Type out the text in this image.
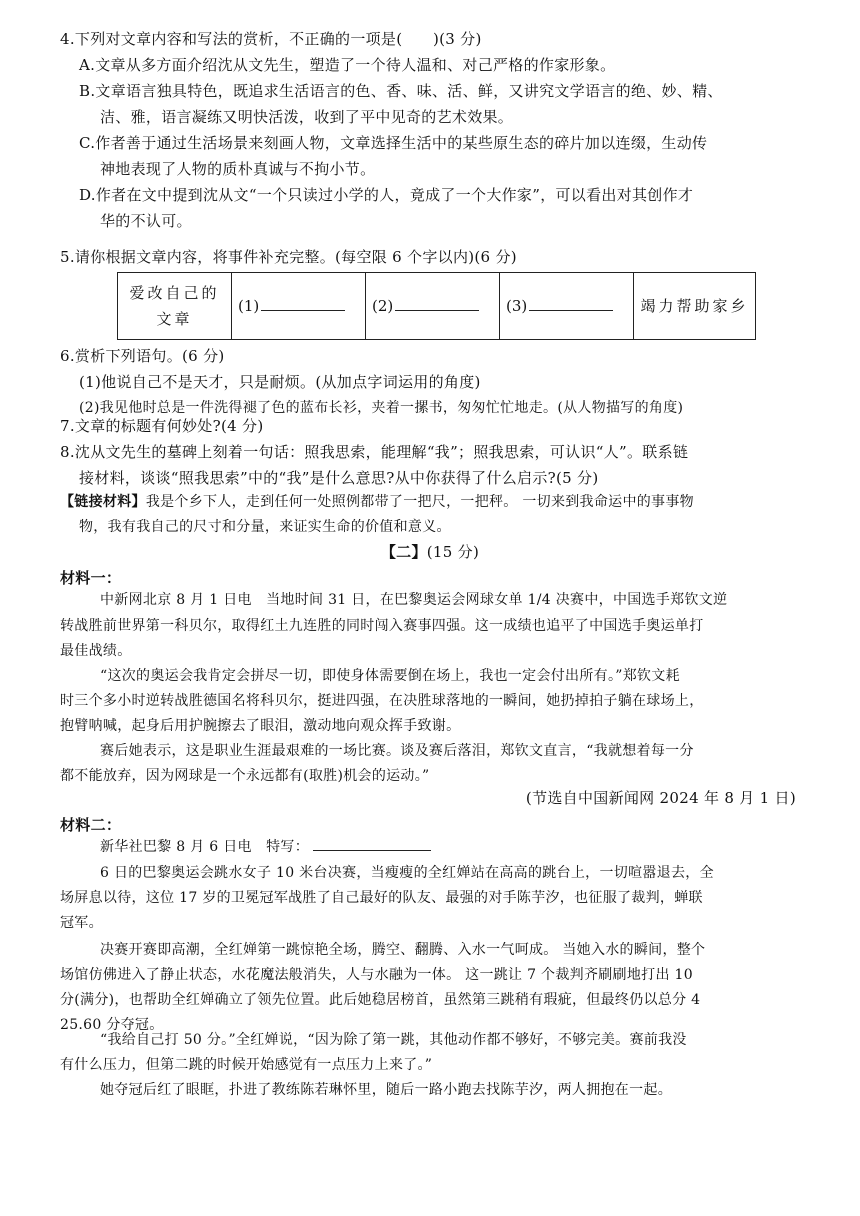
4.下列对文章内容和写法的赏析，不正确的一项是(　　)(3 分)
A.文章从多方面介绍沈从文先生，塑造了一个待人温和、对己严格的作家形象。
B.文章语言独具特色，既追求生活语言的色、香、味、活、鲜，又讲究文学语言的绝、妙、精、
洁、雅，语言凝练又明快活泼，收到了平中见奇的艺术效果。
C.作者善于通过生活场景来刻画人物，文章选择生活中的某些原生态的碎片加以连缀，生动传
神地表现了人物的质朴真诚与不拘小节。
D.作者在文中提到沈从文“一个只读过小学的人，竟成了一个大作家”，可以看出对其创作才
华的不认可。
5.请你根据文章内容，将事件补充完整。(每空限 6 个字以内)(6 分)
爱改自己的文章	(1)	(2)	(3)	竭力帮助家乡
6.赏析下列语句。(6 分)
(1)他说自己不是天才，只是耐烦。(从加点字词运用的角度)
(2)我见他时总是一件洗得褪了色的蓝布长衫，夹着一摞书，匆匆忙忙地走。(从人物描写的角度)
7.文章的标题有何妙处?(4 分)
8.沈从文先生的墓碑上刻着一句话：照我思索，能理解“我”；照我思索，可认识“人”。联系链
接材料，谈谈“照我思索”中的“我”是什么意思?从中你获得了什么启示?(5 分)
【链接材料】我是个乡下人，走到任何一处照例都带了一把尺，一把秤。 一切来到我命运中的事事物
物，我有我自己的尺寸和分量，来证实生命的价值和意义。
【二】(15 分)
材料一：
中新网北京 8 月 1 日电　当地时间 31 日，在巴黎奥运会网球女单 1/4 决赛中，中国选手郑钦文逆
转战胜前世界第一科贝尔，取得红土九连胜的同时闯入赛事四强。这一成绩也追平了中国选手奥运单打
最佳战绩。
“这次的奥运会我肯定会拼尽一切，即使身体需要倒在场上，我也一定会付出所有。”郑钦文耗
时三个多小时逆转战胜德国名将科贝尔，挺进四强，在决胜球落地的一瞬间，她扔掉拍子躺在球场上，
抱臂呐喊，起身后用护腕擦去了眼泪，激动地向观众挥手致谢。
赛后她表示，这是职业生涯最艰难的一场比赛。谈及赛后落泪，郑钦文直言，“我就想着每一分
都不能放弃，因为网球是一个永远都有(取胜)机会的运动。”
(节选自中国新闻网 2024 年 8 月 1 日)
材料二：
新华社巴黎 8 月 6 日电　特写：
6 日的巴黎奥运会跳水女子 10 米台决赛，当瘦瘦的全红婵站在高高的跳台上，一切喧嚣退去，全
场屏息以待，这位 17 岁的卫冕冠军战胜了自己最好的队友、最强的对手陈芋汐，也征服了裁判，蝉联
冠军。
决赛开赛即高潮，全红婵第一跳惊艳全场，腾空、翻腾、入水一气呵成。 当她入水的瞬间，整个
场馆仿佛进入了静止状态，水花魔法般消失，人与水融为一体。 这一跳让 7 个裁判齐刷刷地打出 10
分(满分)，也帮助全红婵确立了领先位置。此后她稳居榜首，虽然第三跳稍有瑕疵，但最终仍以总分 4
25.60 分夺冠。
“我给自己打 50 分。”全红婵说，“因为除了第一跳，其他动作都不够好，不够完美。赛前我没
有什么压力，但第二跳的时候开始感觉有一点压力上来了。”
她夺冠后红了眼眶，扑进了教练陈若琳怀里，随后一路小跑去找陈芋汐，两人拥抱在一起。
